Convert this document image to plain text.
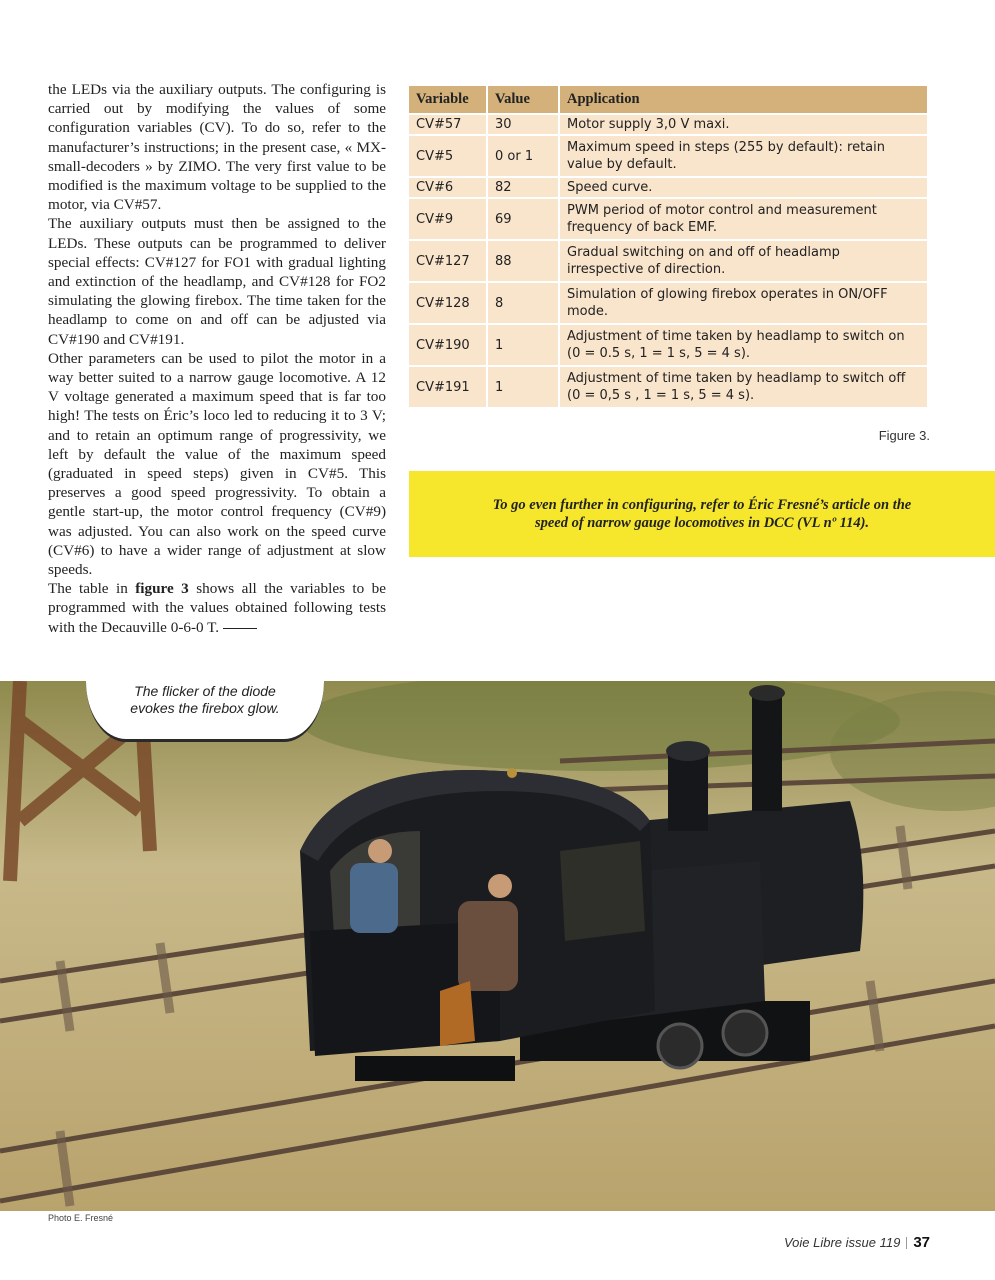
the LEDs via the auxiliary outputs. The configuring is carried out by modifying the values of some configuration variables (CV). To do so, refer to the manufacturer’s instructions; in the present case, « MX-small-decoders » by ZIMO. The very first value to be modified is the maximum voltage to be supplied to the motor, via CV#57.

The auxiliary outputs must then be assigned to the LEDs. These outputs can be programmed to deliver special effects: CV#127 for FO1 with gradual lighting and extinction of the headlamp, and CV#128 for FO2 simulating the glowing firebox. The time taken for the headlamp to come on and off can be adjusted via CV#190 and CV#191.

Other parameters can be used to pilot the motor in a way better suited to a narrow gauge locomotive. A 12 V voltage generated a maximum speed that is far too high! The tests on Éric’s loco led to reducing it to 3 V; and to retain an optimum range of progressivity, we left by default the value of the maximum speed (graduated in speed steps) given in CV#5. This preserves a good speed progressivity. To obtain a gentle start-up, the motor control frequency (CV#9) was adjusted. You can also work on the speed curve (CV#6) to have a wider range of adjustment at slow speeds.

The table in figure 3 shows all the variables to be programmed with the values obtained following tests with the Decauville 0-6-0 T.

Variable	Value	Application
CV#57	30	Motor supply 3,0 V maxi.
CV#5	0 or 1	Maximum speed in steps (255 by default): retain value by default.
CV#6	82	Speed curve.
CV#9	69	PWM period of motor control and measurement frequency of back EMF.
CV#127	88	Gradual switching on and off of headlamp irrespective of direction.
CV#128	8	Simulation of glowing firebox operates in ON/OFF mode.
CV#190	1	Adjustment of time taken by headlamp to switch on (0 = 0.5 s, 1 = 1 s, 5 = 4 s).
CV#191	1	Adjustment of time taken by headlamp to switch off (0 = 0,5 s , 1 = 1 s, 5 = 4 s).
Figure 3.

To go even further in configuring, refer to Éric Fresné’s article on the speed of narrow gauge locomotives in DCC (VL nº 114).

The flicker of the diode evokes the firebox glow.

Photo E. Fresné
Voie Libre issue 119 37
